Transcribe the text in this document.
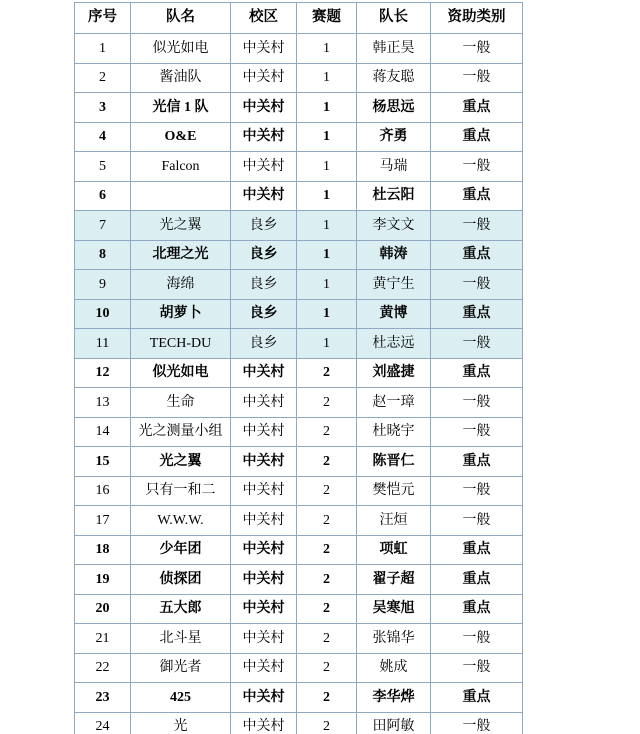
序号	队名	校区	赛题	队长	资助类别
1	似光如电	中关村	1	韩正昊	一般
2	酱油队	中关村	1	蒋友聪	一般
3	光信 1 队	中关村	1	杨思远	重点
4	O&E	中关村	1	齐勇	重点
5	Falcon	中关村	1	马瑞	一般
6		中关村	1	杜云阳	重点
7	光之翼	良乡	1	李文文	一般
8	北理之光	良乡	1	韩涛	重点
9	海绵	良乡	1	黄宁生	一般
10	胡萝卜	良乡	1	黄博	重点
11	TECH-DU	良乡	1	杜志远	一般
12	似光如电	中关村	2	刘盛捷	重点
13	生命	中关村	2	赵一璋	一般
14	光之测量小组	中关村	2	杜晓宇	一般
15	光之翼	中关村	2	陈晋仁	重点
16	只有一和二	中关村	2	樊恺元	一般
17	W.W.W.	中关村	2	汪烜	一般
18	少年团	中关村	2	项虹	重点
19	侦探团	中关村	2	翟子超	重点
20	五大郎	中关村	2	吴寒旭	重点
21	北斗星	中关村	2	张锦华	一般
22	御光者	中关村	2	姚成	一般
23	425	中关村	2	李华烨	重点
24	光	中关村	2	田阿敏	一般
